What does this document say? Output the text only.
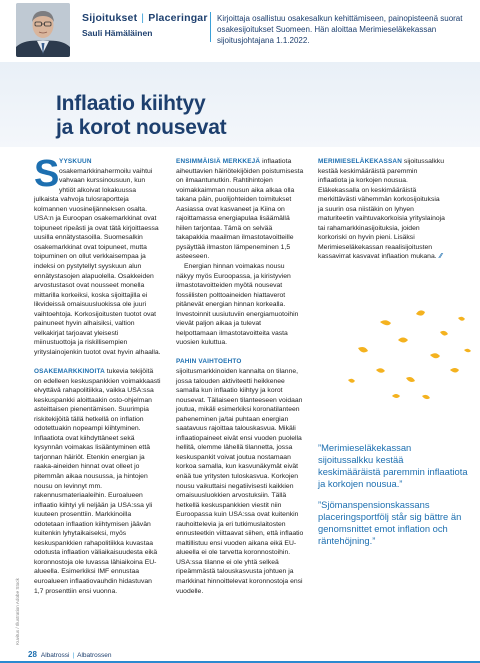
Sijoitukset | Placeringar
Sauli Hämäläinen
Kirjoittaja osallistuu osakesalkun kehittämiseen, painopisteenä suorat osakesijoitukset Suomeen. Hän aloittaa Merimieseläkekassan sijoitusjohtajana 1.1.2022.
Inflaatio kiihtyy
ja korot nousevat

SYYSKUUN osakemarkkinahermoilu vaihtui vahvaan kurssinousuun, kun yhtiöt alkoivat lokakuussa julkaista vahvoja tulosraportteja kolmannen vuosineljänneksen osalta. USA:n ja Euroopan osakemarkkinat ovat toipuneet ripeästi ja ovat tätä kirjoittaessa uusilla ennätystasoilla. Suomesalkin osakemarkkinat ovat toipuneet, mutta toipuminen on ollut verkkaisempaa ja indeksi on pystytellyt syyskuun alun ennätystasojen alapuolella. Osakkeiden arvostustasot ovat nousseet monella mittarilla korkeiksi, koska sijoittajilla ei likvideissä omaisuusluokissa ole juuri vaihtoehtoja. Korkosijoitusten tuotot ovat painuneet hyvin alhaisiksi, valtion velkakirjat tarjoavat yleisesti miinustuottoja ja riskillisempien yrityslainojenkin tuotot ovat hyvin alhaalla.

OSAKEMARKKINOITA tukevia tekijöitä on edelleen keskuspankkien voimakkaasti elvyttävä rahapolitiikka, vaikka USA:ssa keskuspankki aloittaakin osto-ohjelman asteittaisen pienentämisen. Suurimpia riskitekijöitä tällä hetkellä on inflation odotettuakin nopeampi kiihtyminen. Inflaatiota ovat kiihdyttäneet sekä kysynnän voimakas lisääntyminen että tarjonnan häiriöt. Etenkin energian ja raaka-aineiden hinnat ovat olleet jo pitemmän aikaa nousussa, ja hintojen nousu on levinnyt mm. rakennusmateriaaleihin. Euroalueen inflaatio kiihtyi yli neljään ja USA:ssa yli kuuteen prosenttiin. Markkinoilla odotetaan inflaation kiihtymisen jäävän kuitenkin lyhytaikaiseksi, myös keskuspankkien rahapolitiikka kuvastaa odotusta inflaation väliaikaisuudesta eikä koronnostoja ole luvassa lähiaikoina EU-alueella. Esimerkiksi IMF ennustaa euroalueen inflaatiovauhdin hidastuvan 1,7 prosenttiin ensi vuonna.

ENSIMMÄISIÄ MERKKEJÄ inflaatiota aiheuttavien häiriötekijöiden poistumisesta on ilmaantunutkin. Rahtihintojen voimakkaimman nousun aika alkaa olla takana päin, puolijohteiden toimitukset Aasiassa ovat kasvaneet ja Kiina on rajoittamassa energiapulaa lisäämällä hiilen tarjontaa. Tämä on selvää takapakkia maailman ilmastotavoitteille pysäyttää ilmaston lämpeneminen 1,5 asteeseen.

Energian hinnan voimakas nousu näkyy myös Euroopassa, ja kiristyvien ilmastotavoitteiden myötä nousevat fossiilisten polttoaineiden hiattaverot pitänevät energian hinnan korkealla. Investoinnit uusiutuviin energiamuotoihin vievät paljon aikaa ja tulevat helpottamaan ilmastotavoitteita vasta vuosien kuluttua.

PAHIN VAIHTOEHTO sijoitusmarkkinoiden kannalta on tilanne, jossa talouden aktiviteetti heikkenee samalla kun inflaatio kiihtyy ja korot nousevat. Tällaiseen tilanteeseen voidaan joutua, mikäli esimerkiksi koronatilanteen paheneminen ja/tai puhtaan energian saatavuus rajoittaa talouskasvua. Mikäli inflaatiopaineet eivät ensi vuoden puolella hellitä, olemme lähellä tilannetta, jossa keskuspankit voivat joutua nostamaan korkoa samalla, kun kasvunäkymät eivät enää tue yritysten tuloskasvua. Korkojen nousu vaikuttaisi negatiivisesti kaikkien omaisuusluokkien arvostuksiin. Tällä hetkellä keskuspankkien viestit niin Euroopassa kuin USA:ssa ovat kuitenkin rauhoittelevia ja eri tutkimuslaitosten ennusteetkin viittaavat siihen, että inflaatio maltillistuu ensi vuoden aikana eikä EU-alueella ei ole tarvetta koronnostoihin. USA:ssa tilanne ei ole yhtä selkeä ripeämmästä talouskasvusta johtuen ja markkinat hinnoittelevat koronnostoja ensi vuodelle.

MERIMIESELÄKEKASSAN sijoitussalkku kestää keskimääräistä paremmin inflaatiota ja korkojen nousua. Eläkekassalla on keskimääräistä merkittävästi vähemmän korkosijoituksia ja suurin osa niistäkin on lyhyen maturiteetin vaihtuvakorkoisia yrityslainoja tai rahamarkkinasijoituksia, joiden korkoriski on hyvin pieni. Lisäksi Merimieseläkekassan reaalisijoitusten kassavirrat kasvavat inflaation mukana. ⁄⁄

”Merimieseläkekassan sijoitussalkku kestää keskimääräistä paremmin inflaatiota ja korkojen nousua.”

”Sjömanspensionskassans placeringsportfölj står sig bättre än genomsnittet emot inflation och räntehöjning.”

Kuvitus / Illustration Adobe Stock
28 Albatrossi | Albatrossen
